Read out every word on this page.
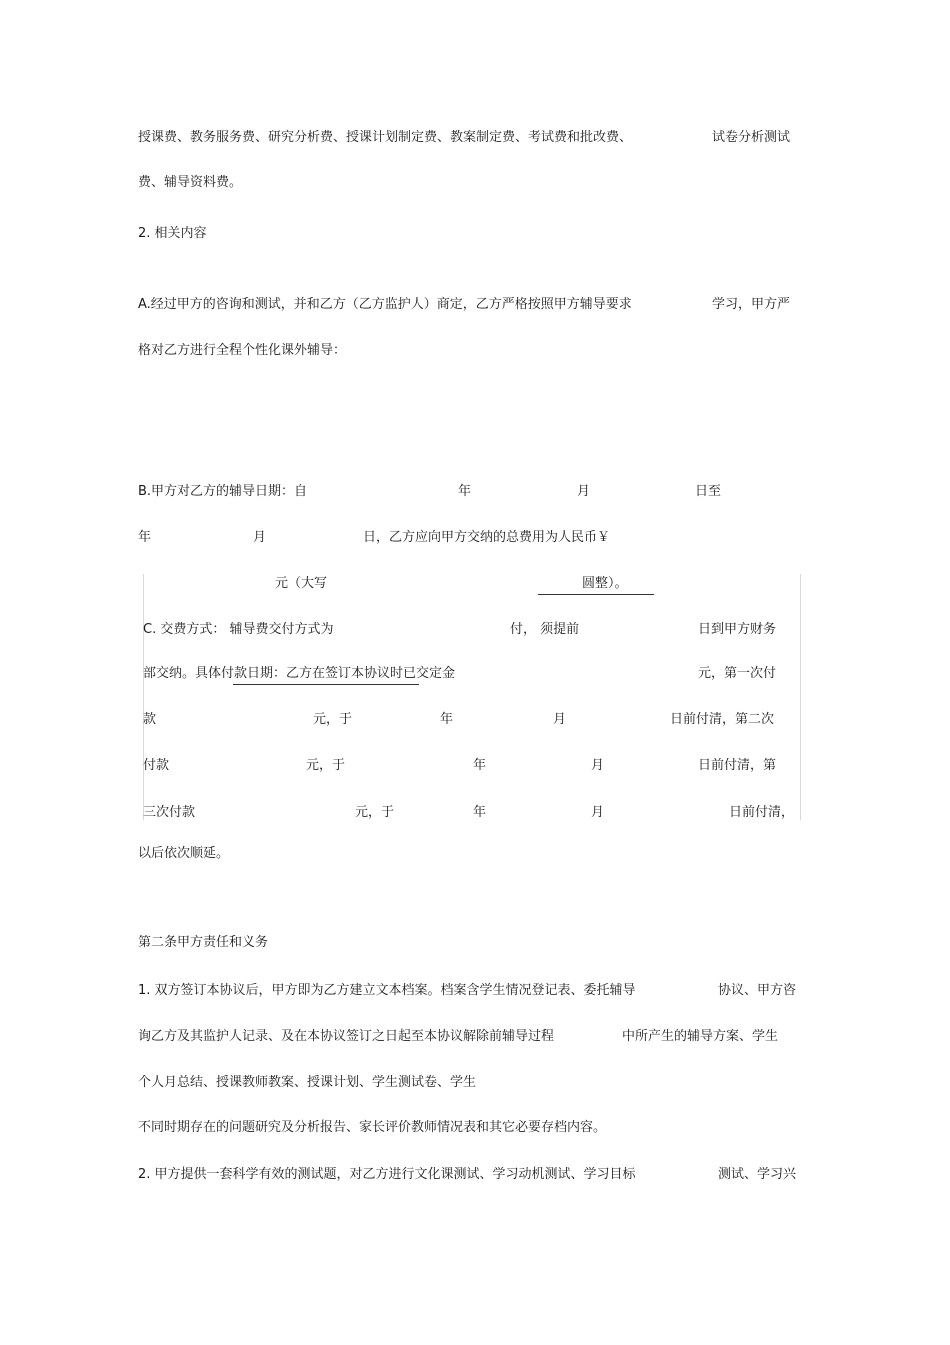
授课费、教务服务费、研究分析费、授课计划制定费、教案制定费、考试费和批改费、	试卷分析测试
费、辅导资料费。
2. 相关内容
A.经过甲方的咨询和测试，并和乙方（乙方监护人）商定，乙方严格按照甲方辅导要求	学习，甲方严
格对乙方进行全程个性化课外辅导：
B.甲方对乙方的辅导日期：自	年	月	日至
年	月	日，乙方应向甲方交纳的总费用为人民币￥
元（大写	圆整）。
C. 交费方式： 辅导费交付方式为	付， 须提前	日到甲方财务
部交纳。具体付款日期：乙方在签订本协议时已交定金	元，第一次付
款	元，于	年	月	日前付清，第二次
付款	元，于	年	月	日前付清，第
三次付款	元，于	年	月	日前付清，
以后依次顺延。
第二条甲方责任和义务
1. 双方签订本协议后，甲方即为乙方建立文本档案。档案含学生情况登记表、委托辅导	协议、甲方咨
询乙方及其监护人记录、及在本协议签订之日起至本协议解除前辅导过程	中所产生的辅导方案、学生
个人月总结、授课教师教案、授课计划、学生测试卷、学生
不同时期存在的问题研究及分析报告、家长评价教师情况表和其它必要存档内容。
2. 甲方提供一套科学有效的测试题，对乙方进行文化课测试、学习动机测试、学习目标	测试、学习兴
